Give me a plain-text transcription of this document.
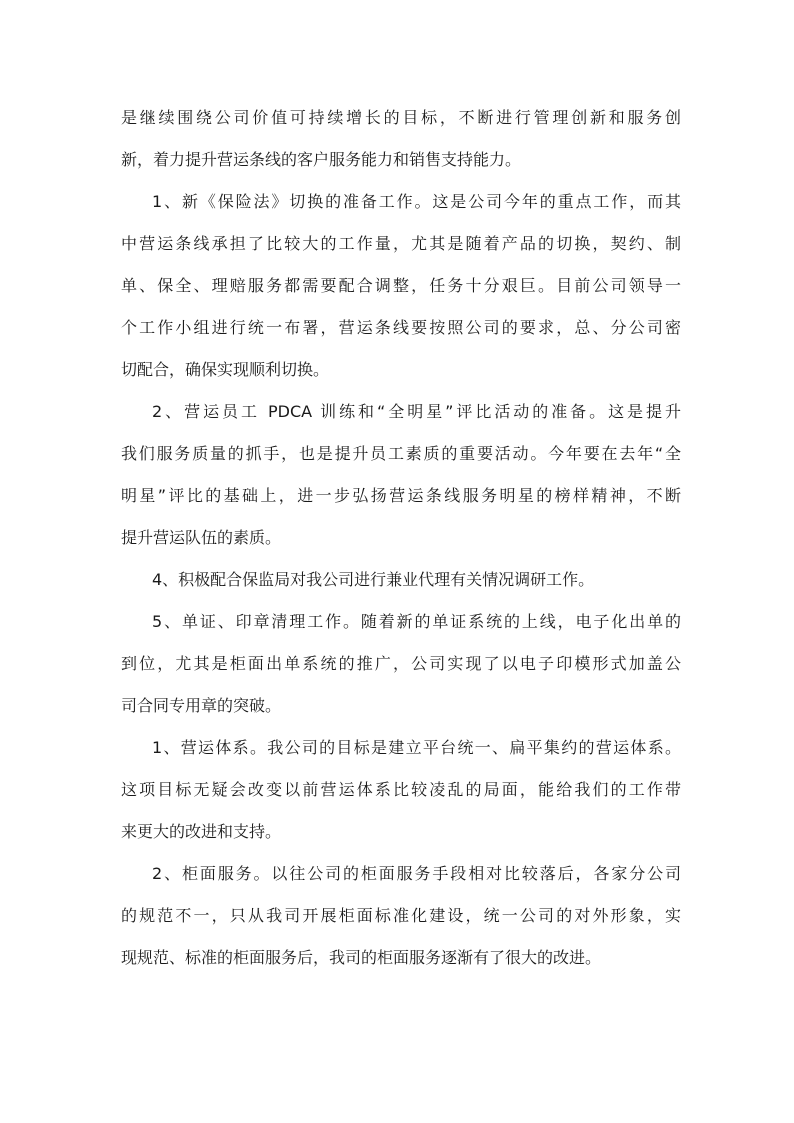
是继续围绕公司价值可持续增长的目标，不断进行管理创新和服务创
新，着力提升营运条线的客户服务能力和销售支持能力。
1、新《保险法》切换的准备工作。这是公司今年的重点工作，而其
中营运条线承担了比较大的工作量，尤其是随着产品的切换，契约、制
单、保全、理赔服务都需要配合调整，任务十分艰巨。目前公司领导一
个工作小组进行统一布署，营运条线要按照公司的要求，总、分公司密
切配合，确保实现顺利切换。
2、营运员工 PDCA 训练和“全明星”评比活动的准备。这是提升
我们服务质量的抓手，也是提升员工素质的重要活动。今年要在去年“全
明星”评比的基础上，进一步弘扬营运条线服务明星的榜样精神，不断
提升营运队伍的素质。
4、积极配合保监局对我公司进行兼业代理有关情况调研工作。
5、单证、印章清理工作。随着新的单证系统的上线，电子化出单的
到位，尤其是柜面出单系统的推广，公司实现了以电子印模形式加盖公
司合同专用章的突破。
1、营运体系。我公司的目标是建立平台统一、扁平集约的营运体系。
这项目标无疑会改变以前营运体系比较凌乱的局面，能给我们的工作带
来更大的改进和支持。
2、柜面服务。以往公司的柜面服务手段相对比较落后，各家分公司
的规范不一，只从我司开展柜面标准化建设，统一公司的对外形象，实
现规范、标准的柜面服务后，我司的柜面服务逐渐有了很大的改进。
